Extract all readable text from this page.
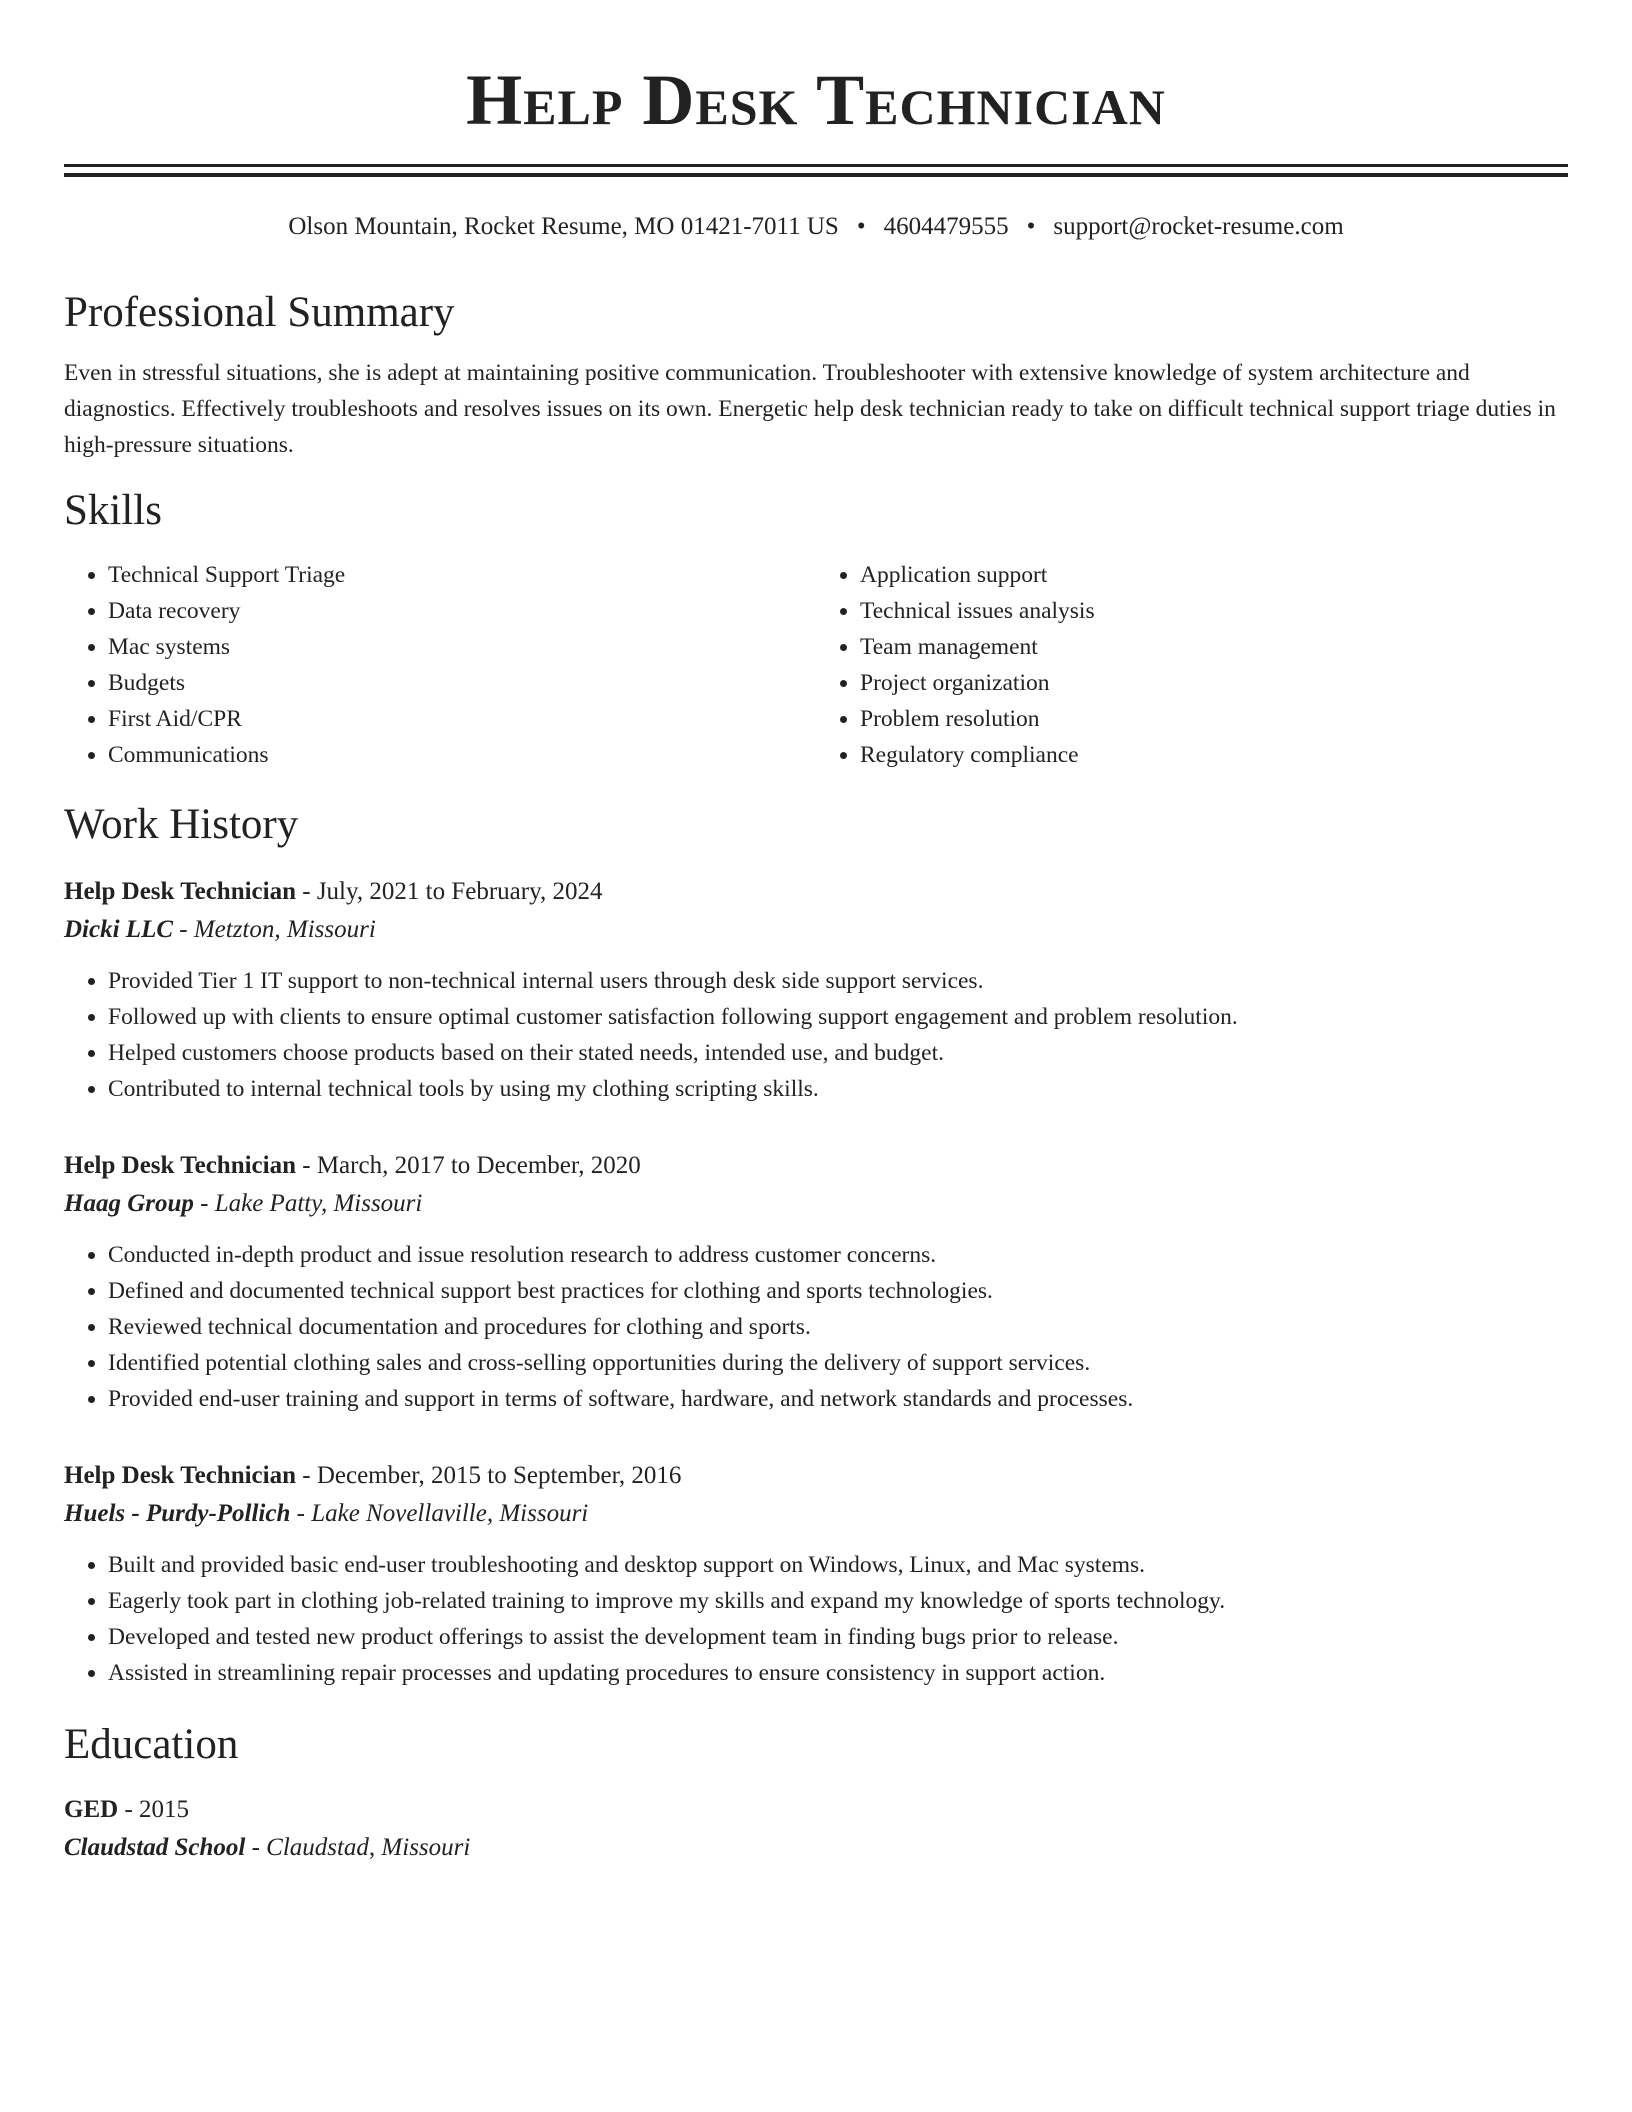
Help Desk Technician
Olson Mountain, Rocket Resume, MO 01421-7011 US • 4604479555 • support@rocket-resume.com
Professional Summary
Even in stressful situations, she is adept at maintaining positive communication. Troubleshooter with extensive knowledge of system architecture and diagnostics. Effectively troubleshoots and resolves issues on its own. Energetic help desk technician ready to take on difficult technical support triage duties in high-pressure situations.
Skills
• Technical Support Triage
• Data recovery
• Mac systems
• Budgets
• First Aid/CPR
• Communications
• Application support
• Technical issues analysis
• Team management
• Project organization
• Problem resolution
• Regulatory compliance
Work History
Help Desk Technician - July, 2021 to February, 2024
Dicki LLC - Metzton, Missouri
• Provided Tier 1 IT support to non-technical internal users through desk side support services.
• Followed up with clients to ensure optimal customer satisfaction following support engagement and problem resolution.
• Helped customers choose products based on their stated needs, intended use, and budget.
• Contributed to internal technical tools by using my clothing scripting skills.
Help Desk Technician - March, 2017 to December, 2020
Haag Group - Lake Patty, Missouri
• Conducted in-depth product and issue resolution research to address customer concerns.
• Defined and documented technical support best practices for clothing and sports technologies.
• Reviewed technical documentation and procedures for clothing and sports.
• Identified potential clothing sales and cross-selling opportunities during the delivery of support services.
• Provided end-user training and support in terms of software, hardware, and network standards and processes.
Help Desk Technician - December, 2015 to September, 2016
Huels - Purdy-Pollich - Lake Novellaville, Missouri
• Built and provided basic end-user troubleshooting and desktop support on Windows, Linux, and Mac systems.
• Eagerly took part in clothing job-related training to improve my skills and expand my knowledge of sports technology.
• Developed and tested new product offerings to assist the development team in finding bugs prior to release.
• Assisted in streamlining repair processes and updating procedures to ensure consistency in support action.
Education
GED - 2015
Claudstad School - Claudstad, Missouri
